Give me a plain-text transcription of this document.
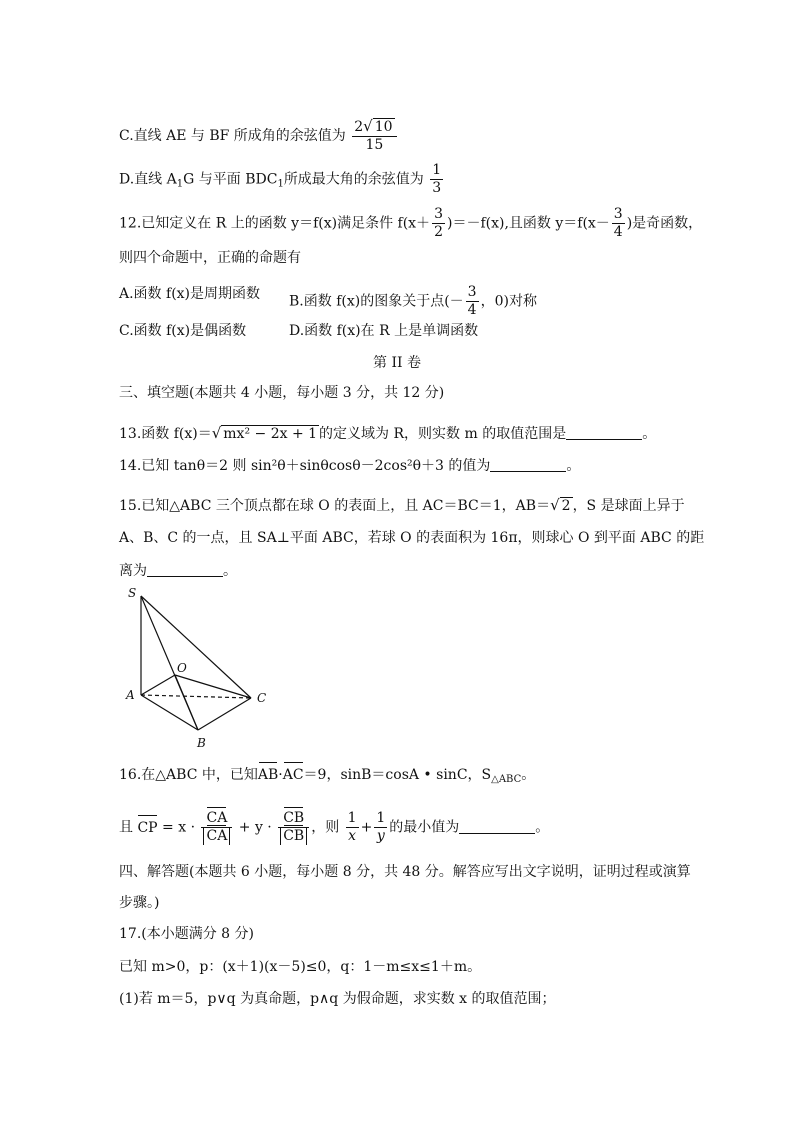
C.直线 AE 与 BF 所成角的余弦值为 $\frac{2√ 10}{15}$
D.直线 $A_1G$ 与平面 $BDC_1$所成最大角的余弦值为 $\frac{1}{3}$
12.已知定义在 R 上的函数 y＝f(x)满足条件 $f(x+ \frac{3}{2} )=-f(x)$,且函数 $y=f(x- \frac{3}{4}$ )是奇函数，
则四个命题中，正确的命题有
A.函数 f(x)是周期函数 B.函数 f(x)的图象关于点(－ $\frac{3}{4}$ ，0)对称
C.函数 f(x)是偶函数	D.函数 f(x)在 R 上是单调函数
第 II 卷
三、填空题(本题共 4 小题，每小题 3 分，共 12 分)
13.函数 f(x)＝√ mx² − 2x + 1 的定义域为 R，则实数 m 的取值范围是	。
14.已知 tanθ＝2 则 sin²θ＋sinθcosθ－2cos²θ＋3 的值为	。
15.已知△ABC 三个顶点都在球 O 的表面上，且 AC＝BC＝1，AB＝√ 2 ，S 是球面上异于
A、B、C 的一点，且 SA⊥平面 ABC，若球 O 的表面积为 16π，则球心 O 到平面 ABC 的距
离为	。
S
O
A	C
B
16.在△ABC 中，已知AB·AC＝9，sinB＝cosA • sinC，$S_{\triangle ABC}$。
且 CP = $x \cdot \frac{CA}{CA} + y \cdot \frac{CB}{CB}$ ，则 $\frac{1}{x} + \frac{1}{y}$ 的最小值为	。
四、解答题(本题共 6 小题，每小题 8 分，共 48 分。解答应写出文字说明，证明过程或演算
步骤。)
17.(本小题满分 8 分)
已知 m>0，p：(x＋1)(x－5)≤0，q：1－m≤x≤1＋m。
(1)若 m＝5，p∨q 为真命题，p∧q 为假命题，求实数 x 的取值范围；
